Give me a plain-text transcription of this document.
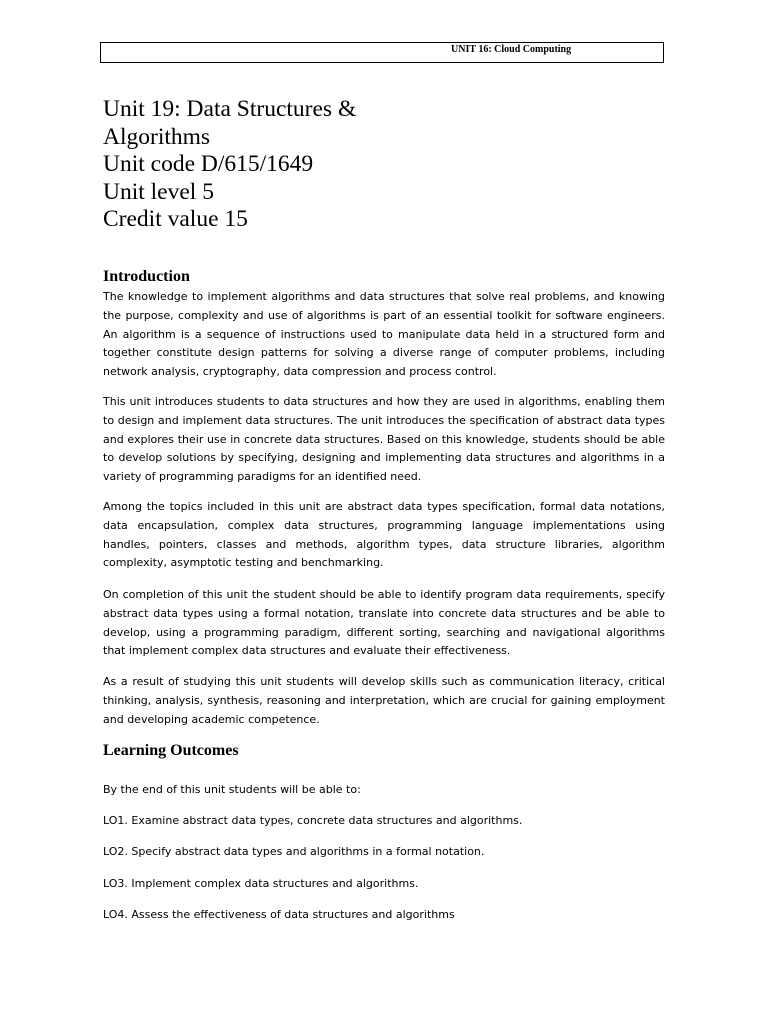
UNIT 16: Cloud Computing
Unit 19: Data Structures &
Algorithms
Unit code D/615/1649
Unit level 5
Credit value 15
Introduction

The knowledge to implement algorithms and data structures that solve real problems, and knowing the purpose, complexity and use of algorithms is part of an essential toolkit for software engineers. An algorithm is a sequence of instructions used to manipulate data held in a structured form and together constitute design patterns for solving a diverse range of computer problems, including network analysis, cryptography, data compression and process control.

This unit introduces students to data structures and how they are used in algorithms, enabling them to design and implement data structures. The unit introduces the specification of abstract data types and explores their use in concrete data structures. Based on this knowledge, students should be able to develop solutions by specifying, designing and implementing data structures and algorithms in a variety of programming paradigms for an identified need.

Among the topics included in this unit are abstract data types specification, formal data notations, data encapsulation, complex data structures, programming language implementations using handles, pointers, classes and methods, algorithm types, data structure libraries, algorithm complexity, asymptotic testing and benchmarking.

On completion of this unit the student should be able to identify program data requirements, specify abstract data types using a formal notation, translate into concrete data structures and be able to develop, using a programming paradigm, different sorting, searching and navigational algorithms that implement complex data structures and evaluate their effectiveness.

As a result of studying this unit students will develop skills such as communication literacy, critical thinking, analysis, synthesis, reasoning and interpretation, which are crucial for gaining employment and developing academic competence.

Learning Outcomes

By the end of this unit students will be able to:

LO1. Examine abstract data types, concrete data structures and algorithms.

LO2. Specify abstract data types and algorithms in a formal notation.

LO3. Implement complex data structures and algorithms.

LO4. Assess the effectiveness of data structures and algorithms
